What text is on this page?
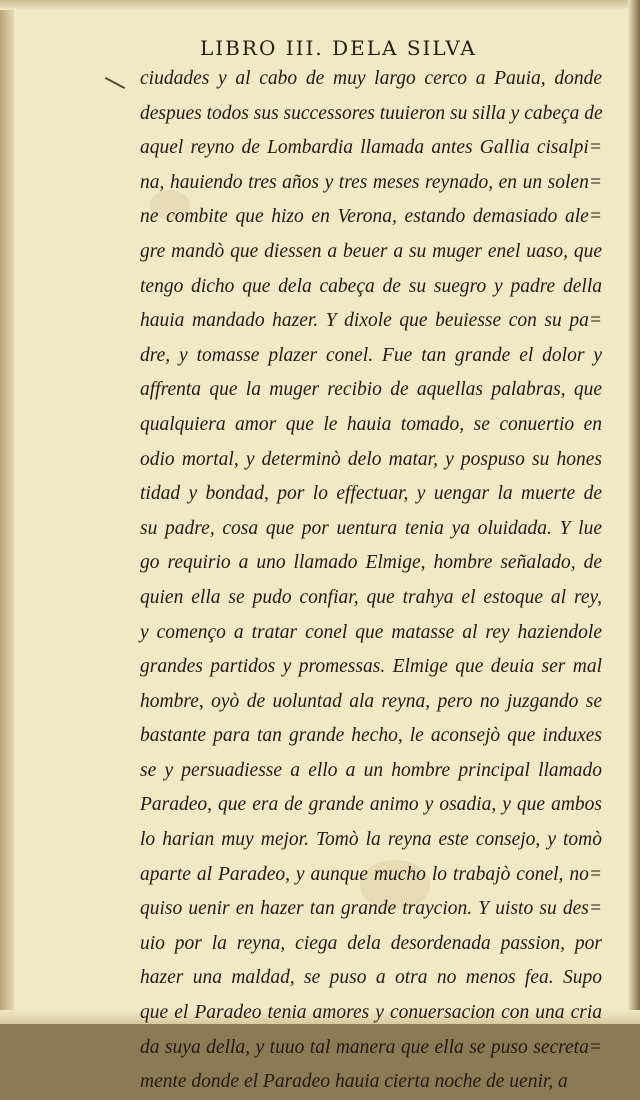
LIBRO III. DELA SILVA
ciudades y al cabo de muy largo cerco a Pauia, donde
despues todos sus successores tuuieron su silla y cabeça de
aquel reyno de Lombardia llamada antes Gallia cisalpi=
na, hauiendo tres años y tres meses reynado, en un solen=
ne combite que hizo en Verona, estando demasiado ale=
gre mandò que diessen a beuer a su muger enel uaso, que
tengo dicho que dela cabeça de su suegro y padre della
hauia mandado hazer. Y dixole que beuiesse con su pa=
dre, y tomasse plazer conel. Fue tan grande el dolor y
affrenta que la muger recibio de aquellas palabras, que
qualquiera amor que le hauia tomado, se conuertio en
odio mortal, y determinò delo matar, y pospuso su hones
tidad y bondad, por lo effectuar, y uengar la muerte de
su padre, cosa que por uentura tenia ya oluidada. Y lue
go requirio a uno llamado Elmige, hombre señalado, de
quien ella se pudo confiar, que trahya el estoque al rey,
y començo a tratar conel que matasse al rey haziendole
grandes partidos y promessas. Elmige que deuia ser mal
hombre, oyò de uoluntad ala reyna, pero no juzgando se
bastante para tan grande hecho, le aconsejò que induxes
se y persuadiesse a ello a un hombre principal llamado
Paradeo, que era de grande animo y osadia, y que ambos
lo harian muy mejor. Tomò la reyna este consejo, y tomò
aparte al Paradeo, y aunque mucho lo trabajò conel, no=
quiso uenir en hazer tan grande traycion. Y uisto su des=
uio por la reyna, ciega dela desordenada passion, por
hazer una maldad, se puso a otra no menos fea. Supo
que el Paradeo tenia amores y conuersacion con una cria
da suya della, y tuuo tal manera que ella se puso secreta=
mente donde el Paradeo hauia cierta noche de uenir, a
